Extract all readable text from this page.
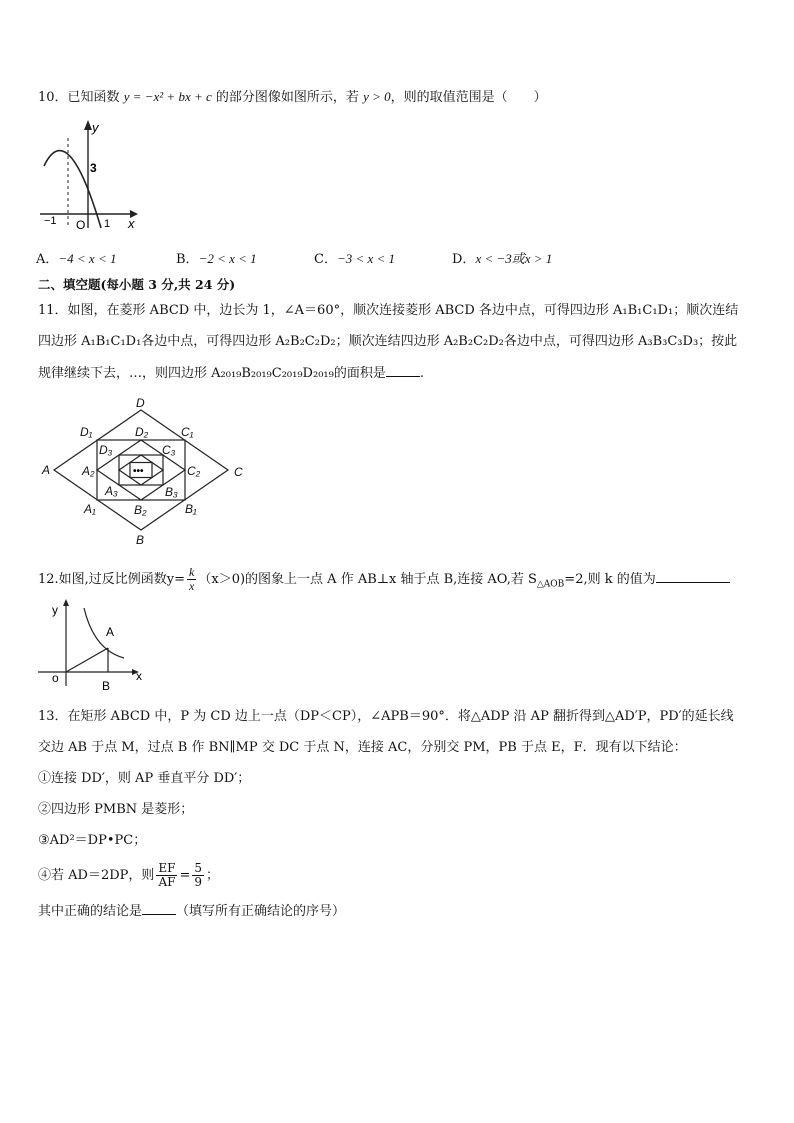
10．已知函数 y = −x² + bx + c 的部分图像如图所示，若 y > 0，则的取值范围是（　　）
y
x
3
−1 O 1
A．−4 < x < 1	B．−2 < x < 1	C．−3 < x < 1	D．x < −3或x > 1
二、填空题(每小题 3 分,共 24 分)
11．如图，在菱形 ABCD 中，边长为 1，∠A＝60°，顺次连接菱形 ABCD 各边中点，可得四边形 A₁B₁C₁D₁；顺次连结
四边形 A₁B₁C₁D₁各边中点，可得四边形 A₂B₂C₂D₂；顺次连结四边形 A₂B₂C₂D₂各边中点，可得四边形 A₃B₃C₃D₃；按此
规律继续下去，…，则四边形 A₂₀₁₉B₂₀₁₉C₂₀₁₉D₂₀₁₉的面积是	.
•••
D
A	C
B
D₁	C₁
A₁	B₁
D₂
A₂	C₂
B₂
D₃	C₃
A₃	B₃
12.如图,过反比例函数$y= \frac{k}{x} (x>0)$的图象上一点 A 作 AB⊥x 轴于点 B,连接 AO,若 $S_{\triangle AOB}=2$,则 k 的值为
y
x
o
A
B
13．在矩形 ABCD 中，P 为 CD 边上一点（DP＜CP），∠APB＝90°．将△ADP 沿 AP 翻折得到△AD′P，PD′的延长线
交边 AB 于点 M，过点 B 作 BN∥MP 交 DC 于点 N，连接 AC，分别交 PM，PB 于点 E，F．现有以下结论：
①连接 DD′，则 AP 垂直平分 DD′；
②四边形 PMBN 是菱形；
③AD²＝DP•PC；
④若 AD＝2DP，则 $\frac{EF}{AF} = \frac{5}{9}$ ；
其中正确的结论是	（填写所有正确结论的序号）
